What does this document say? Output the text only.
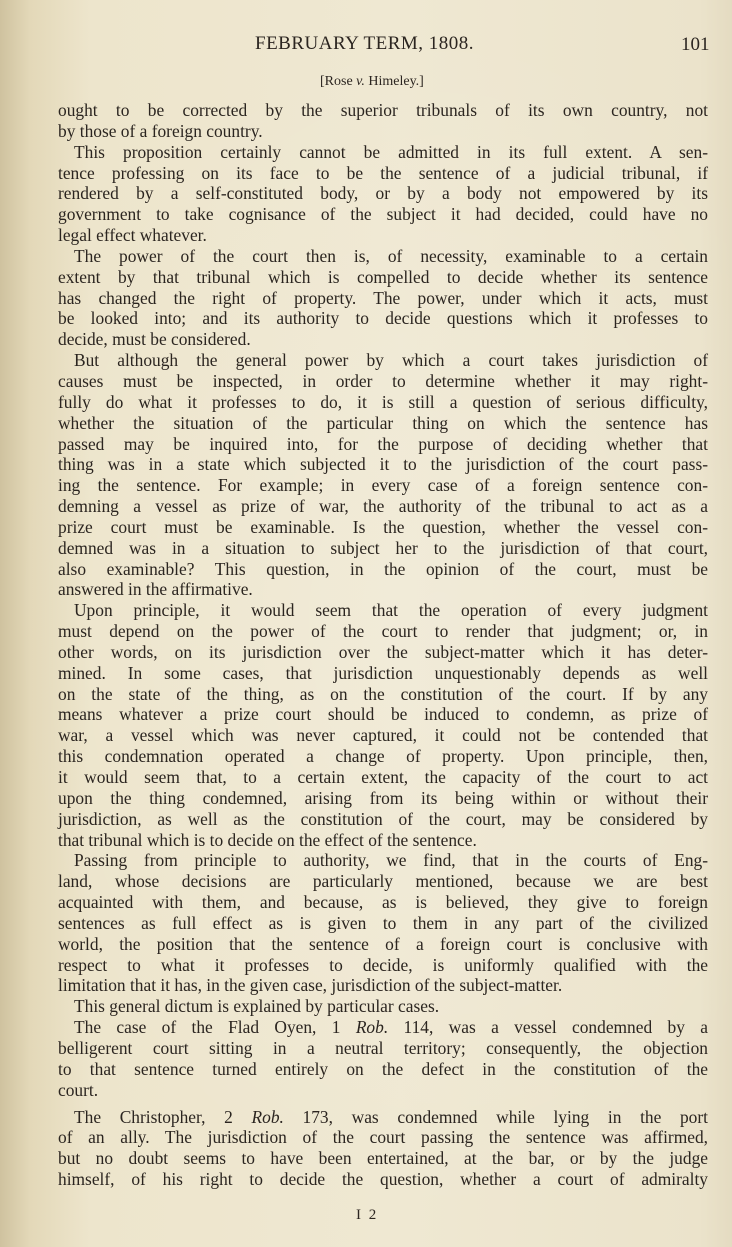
FEBRUARY TERM, 1808.	101
[Rose v. Himeley.]
ought to be corrected by the superior tribunals of its own country, not
by those of a foreign country.
This proposition certainly cannot be admitted in its full extent. A sen-
tence professing on its face to be the sentence of a judicial tribunal, if
rendered by a self-constituted body, or by a body not empowered by its
government to take cognisance of the subject it had decided, could have no
legal effect whatever.
The power of the court then is, of necessity, examinable to a certain
extent by that tribunal which is compelled to decide whether its sentence
has changed the right of property. The power, under which it acts, must
be looked into; and its authority to decide questions which it professes to
decide, must be considered.
But although the general power by which a court takes jurisdiction of
causes must be inspected, in order to determine whether it may right-
fully do what it professes to do, it is still a question of serious difficulty,
whether the situation of the particular thing on which the sentence has
passed may be inquired into, for the purpose of deciding whether that
thing was in a state which subjected it to the jurisdiction of the court pass-
ing the sentence. For example; in every case of a foreign sentence con-
demning a vessel as prize of war, the authority of the tribunal to act as a
prize court must be examinable. Is the question, whether the vessel con-
demned was in a situation to subject her to the jurisdiction of that court,
also examinable? This question, in the opinion of the court, must be
answered in the affirmative.
Upon principle, it would seem that the operation of every judgment
must depend on the power of the court to render that judgment; or, in
other words, on its jurisdiction over the subject-matter which it has deter-
mined. In some cases, that jurisdiction unquestionably depends as well
on the state of the thing, as on the constitution of the court. If by any
means whatever a prize court should be induced to condemn, as prize of
war, a vessel which was never captured, it could not be contended that
this condemnation operated a change of property. Upon principle, then,
it would seem that, to a certain extent, the capacity of the court to act
upon the thing condemned, arising from its being within or without their
jurisdiction, as well as the constitution of the court, may be considered by
that tribunal which is to decide on the effect of the sentence.
Passing from principle to authority, we find, that in the courts of Eng-
land, whose decisions are particularly mentioned, because we are best
acquainted with them, and because, as is believed, they give to foreign
sentences as full effect as is given to them in any part of the civilized
world, the position that the sentence of a foreign court is conclusive with
respect to what it professes to decide, is uniformly qualified with the
limitation that it has, in the given case, jurisdiction of the subject-matter.
This general dictum is explained by particular cases.
The case of the Flad Oyen, 1 Rob. 114, was a vessel condemned by a
belligerent court sitting in a neutral territory; consequently, the objection
to that sentence turned entirely on the defect in the constitution of the
court.
The Christopher, 2 Rob. 173, was condemned while lying in the port
of an ally. The jurisdiction of the court passing the sentence was affirmed,
but no doubt seems to have been entertained, at the bar, or by the judge
himself, of his right to decide the question, whether a court of admiralty
I 2
